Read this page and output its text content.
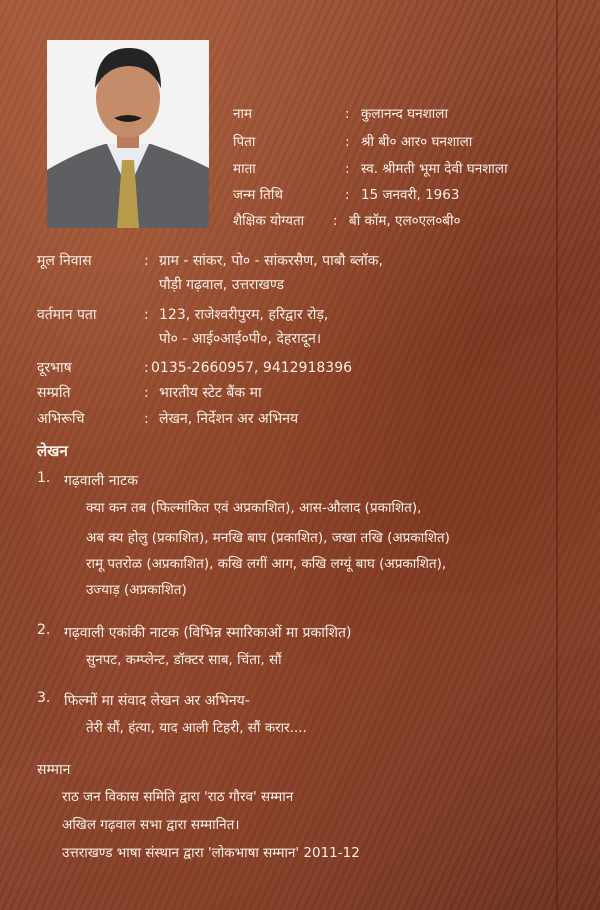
नाम	: कुलानन्द घनशाला
पिता	: श्री बी० आर० घनशाला
माता	: स्व. श्रीमती भूमा देवी घनशाला
जन्म तिथि	: 15 जनवरी, 1963
शैक्षिक योग्यता : बी कॉम, एल०एल०बी०
मूल निवास	: ग्राम - सांकर, पो० - सांकरसैण, पाबौ ब्लॉक,
पौड़ी गढ़वाल, उत्तराखण्ड
वर्तमान पता	: 123, राजेश्वरीपुरम, हरिद्वार रोड़,
पो० - आई०आई०पी०, देहरादून।
दूरभाष	: 0135-2660957, 9412918396
सम्प्रति	: भारतीय स्टेट बैंक मा
अभिरूचि	: लेखन, निर्देशन अर अभिनय
लेखन
1. गढ़वाली नाटक
क्या कन तब (फिल्मांकित एवं अप्रकाशित), आस-औलाद (प्रकाशित),
अब क्य होलु (प्रकाशित), मनखि बाघ (प्रकाशित), जखा तखि (अप्रकाशित)
रामू पतरोळ (अप्रकाशित), कखि लगीं आग, कखि लग्यूं बाघ (अप्रकाशित),
उज्याड़ (अप्रकाशित)
2. गढ़वाली एकांकी नाटक (विभिन्न स्मारिकाओं मा प्रकाशित)
सुनपट, कम्प्लेन्ट, डॉक्टर साब, चिंता, सौं
3. फिल्मों मा संवाद लेखन अर अभिनय-
तेरी सौं, हंत्या, याद आली टिहरी, सौं करार....
सम्मान
राठ जन विकास समिति द्वारा 'राठ गौरव' सम्मान
अखिल गढ़वाल सभा द्वारा सम्मानित।
उत्तराखण्ड भाषा संस्थान द्वारा 'लोकभाषा सम्मान' 2011-12
